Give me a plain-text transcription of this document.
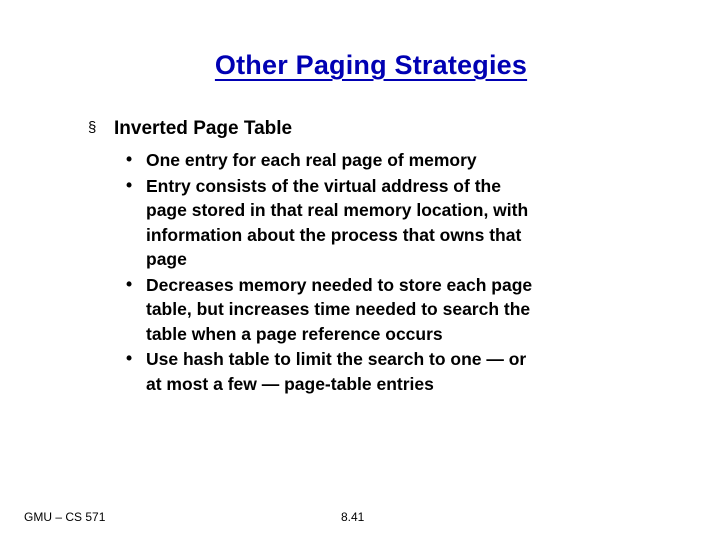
Other Paging Strategies
§ Inverted Page Table
• One entry for each real page of memory
• Entry consists of the virtual address of the
page stored in that real memory location, with
information about the process that owns that
page
• Decreases memory needed to store each page
table, but increases time needed to search the
table when a page reference occurs
• Use hash table to limit the search to one — or
at most a few — page-table entries
GMU – CS 571	8.41
